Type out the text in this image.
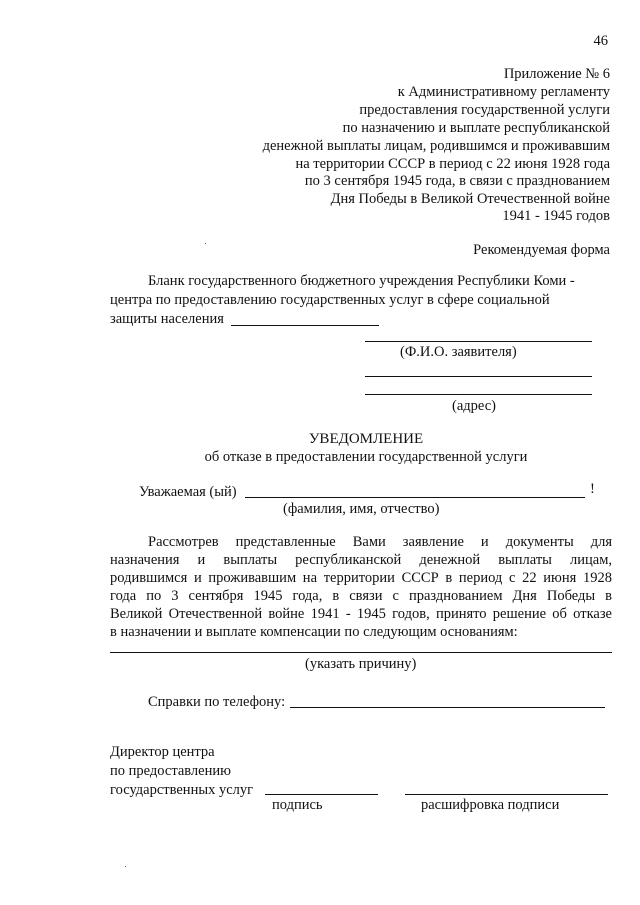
46
Приложение № 6
к Административному регламенту
предоставления государственной услуги
по назначению и выплате республиканской
денежной выплаты лицам, родившимся и проживавшим
на территории СССР в период с 22 июня 1928 года
по 3 сентября 1945 года, в связи с празднованием
Дня Победы в Великой Отечественной войне
1941 - 1945 годов
Рекомендуемая форма
Бланк государственного бюджетного учреждения Республики Коми -
центра по предоставлению государственных услуг в сфере социальной
защиты населения
(Ф.И.О. заявителя)
(адрес)
УВЕДОМЛЕНИЕ
об отказе в предоставлении государственной услуги
Уважаемая (ый)	!
(фамилия, имя, отчество)
Рассмотрев представленные Вами заявление и документы для
назначения и выплаты республиканской денежной выплаты лицам,
родившимся и проживавшим на территории СССР в период с 22 июня 1928
года по 3 сентября 1945 года, в связи с празднованием Дня Победы в
Великой Отечественной войне 1941 - 1945 годов, принято решение об отказе
в назначении и выплате компенсации по следующим основаниям:
(указать причину)
Справки по телефону:
Директор центра
по предоставлению
государственных услуг
подпись	расшифровка подписи
